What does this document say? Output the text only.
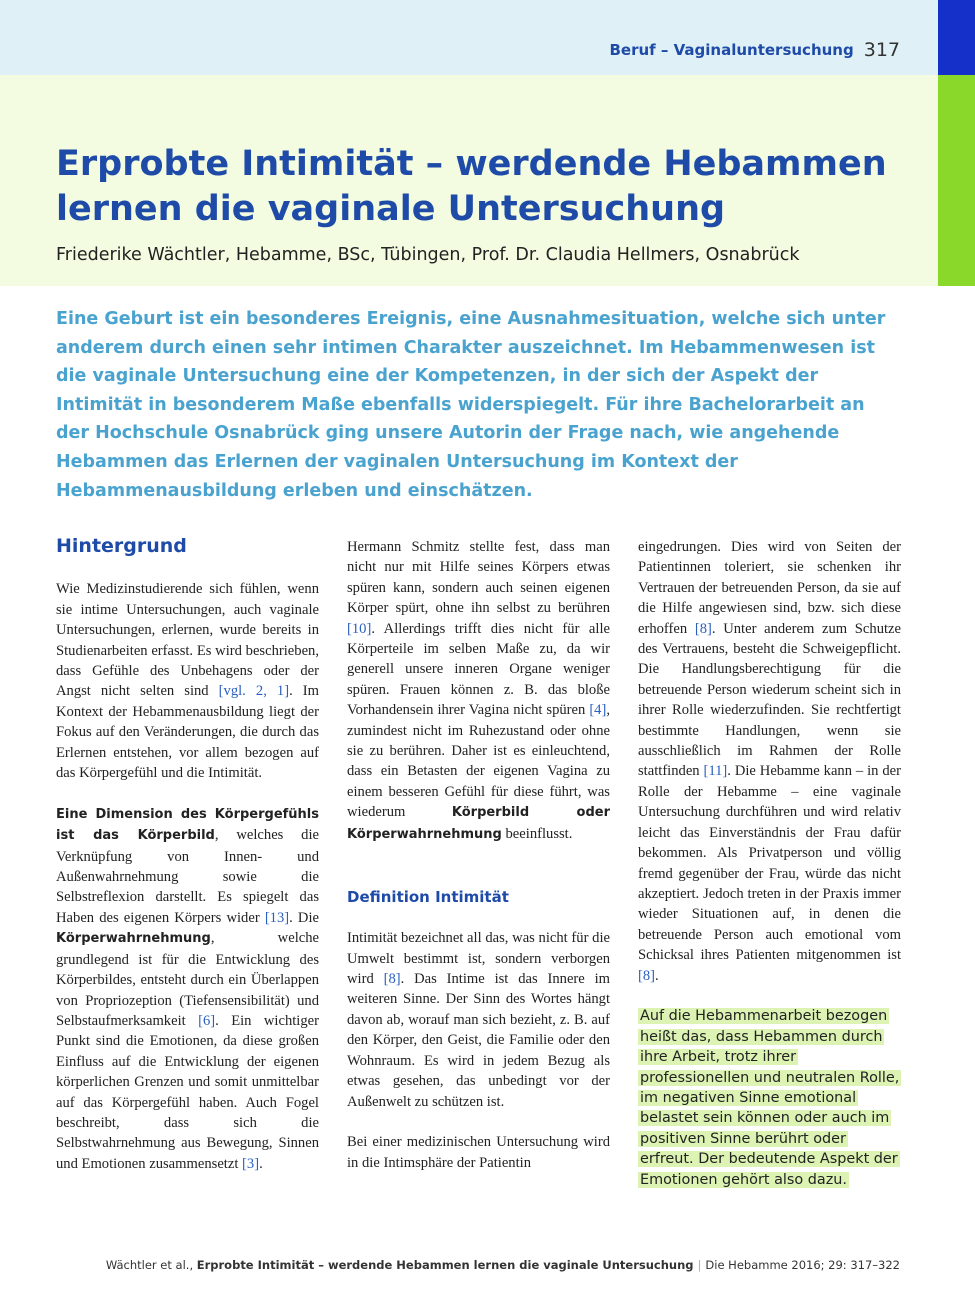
Beruf – Vaginaluntersuchung 317
Erprobte Intimität – werdende Hebammen lernen die vaginale Untersuchung
Friederike Wächtler, Hebamme, BSc, Tübingen, Prof. Dr. Claudia Hellmers, Osnabrück

Eine Geburt ist ein besonderes Ereignis, eine Ausnahmesituation, welche sich unter anderem durch einen sehr intimen Charakter auszeichnet. Im Hebammenwesen ist die vaginale Untersuchung eine der Kompetenzen, in der sich der Aspekt der Intimität in besonderem Maße ebenfalls widerspiegelt. Für ihre Bachelorarbeit an der Hochschule Osnabrück ging unsere Autorin der Frage nach, wie angehende Hebammen das Erlernen der vaginalen Untersuchung im Kontext der Hebammenausbildung erleben und einschätzen.

Hintergrund

Wie Medizinstudierende sich fühlen, wenn sie intime Untersuchungen, auch vaginale Untersuchungen, erlernen, wurde bereits in Studienarbeiten erfasst. Es wird beschrieben, dass Gefühle des Unbehagens oder der Angst nicht selten sind [vgl. 2, 1]. Im Kontext der Hebammenausbildung liegt der Fokus auf den Veränderungen, die durch das Erlernen entstehen, vor allem bezogen auf das Körpergefühl und die Intimität.

Eine Dimension des Körpergefühls ist das Körperbild, welches die Verknüpfung von Innen- und Außenwahrnehmung sowie die Selbstreflexion darstellt. Es spiegelt das Haben des eigenen Körpers wider [13]. Die Körperwahrnehmung, welche grundlegend ist für die Entwicklung des Körperbildes, entsteht durch ein Überlappen von Propriozeption (Tiefensensibilität) und Selbstaufmerksamkeit [6]. Ein wichtiger Punkt sind die Emotionen, da diese großen Einfluss auf die Entwicklung der eigenen körperlichen Grenzen und somit unmittelbar auf das Körpergefühl haben. Auch Fogel beschreibt, dass sich die Selbstwahrnehmung aus Bewegung, Sinnen und Emotionen zusammensetzt [3].

Hermann Schmitz stellte fest, dass man nicht nur mit Hilfe seines Körpers etwas spüren kann, sondern auch seinen eigenen Körper spürt, ohne ihn selbst zu berühren [10]. Allerdings trifft dies nicht für alle Körperteile im selben Maße zu, da wir generell unsere inneren Organe weniger spüren. Frauen können z. B. das bloße Vorhandensein ihrer Vagina nicht spüren [4], zumindest nicht im Ruhezustand oder ohne sie zu berühren. Daher ist es einleuchtend, dass ein Betasten der eigenen Vagina zu einem besseren Gefühl für diese führt, was wiederum Körperbild oder Körperwahrnehmung beeinflusst.

Definition Intimität

Intimität bezeichnet all das, was nicht für die Umwelt bestimmt ist, sondern verborgen wird [8]. Das Intime ist das Innere im weiteren Sinne. Der Sinn des Wortes hängt davon ab, worauf man sich bezieht, z. B. auf den Körper, den Geist, die Familie oder den Wohnraum. Es wird in jedem Bezug als etwas gesehen, das unbedingt vor der Außenwelt zu schützen ist.

Bei einer medizinischen Untersuchung wird in die Intimsphäre der Patientin

eingedrungen. Dies wird von Seiten der Patientinnen toleriert, sie schenken ihr Vertrauen der betreuenden Person, da sie auf die Hilfe angewiesen sind, bzw. sich diese erhoffen [8]. Unter anderem zum Schutze des Vertrauens, besteht die Schweigepflicht. Die Handlungsberechtigung für die betreuende Person wiederum scheint sich in ihrer Rolle wiederzufinden. Sie rechtfertigt bestimmte Handlungen, wenn sie ausschließlich im Rahmen der Rolle stattfinden [11]. Die Hebamme kann – in der Rolle der Hebamme – eine vaginale Untersuchung durchführen und wird relativ leicht das Einverständnis der Frau dafür bekommen. Als Privatperson und völlig fremd gegenüber der Frau, würde das nicht akzeptiert. Jedoch treten in der Praxis immer wieder Situationen auf, in denen die betreuende Person auch emotional vom Schicksal ihres Patienten mitgenommen ist [8].

Auf die Hebammenarbeit bezogen heißt das, dass Hebammen durch ihre Arbeit, trotz ihrer professionellen und neutralen Rolle, im negativen Sinne emotional belastet sein können oder auch im positiven Sinne berührt oder erfreut. Der bedeutende Aspekt der Emotionen gehört also dazu.

Wächtler et al., Erprobte Intimität – werdende Hebammen lernen die vaginale Untersuchung | Die Hebamme 2016; 29: 317–322
